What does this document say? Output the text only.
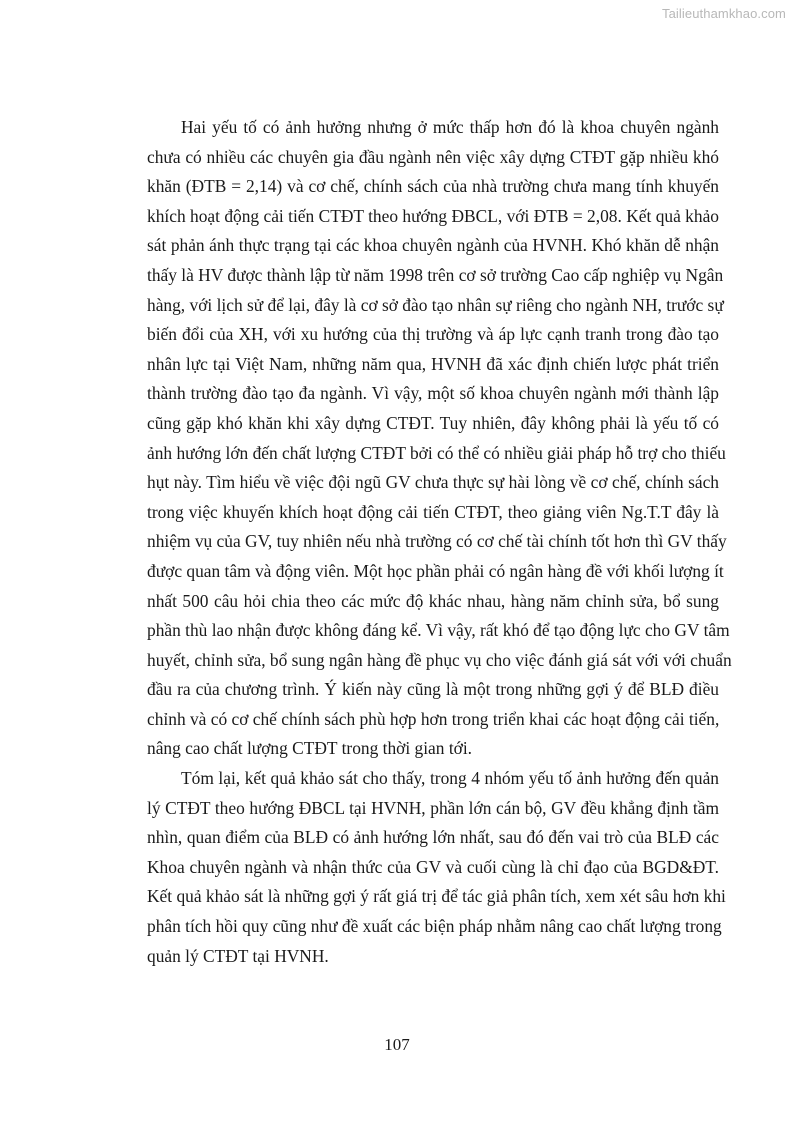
Tailieuthamkhao.com
Hai yếu tố có ảnh hưởng nhưng ở mức thấp hơn đó là khoa chuyên ngành
chưa có nhiều các chuyên gia đầu ngành nên việc xây dựng CTĐT gặp nhiều khó
khăn (ĐTB = 2,14) và cơ chế, chính sách của nhà trường chưa mang tính khuyến
khích hoạt động cải tiến CTĐT theo hướng ĐBCL, với ĐTB = 2,08. Kết quả khảo
sát phản ánh thực trạng tại các khoa chuyên ngành của HVNH. Khó khăn dễ nhận
thấy là HV được thành lập từ năm 1998 trên cơ sở trường Cao cấp nghiệp vụ Ngân
hàng, với lịch sử để lại, đây là cơ sở đào tạo nhân sự riêng cho ngành NH, trước sự
biến đổi của XH, với xu hướng của thị trường và áp lực cạnh tranh trong đào tạo
nhân lực tại Việt Nam, những năm qua, HVNH đã xác định chiến lược phát triển
thành trường đào tạo đa ngành. Vì vậy, một số khoa chuyên ngành mới thành lập
cũng gặp khó khăn khi xây dựng CTĐT. Tuy nhiên, đây không phải là yếu tố có
ảnh hướng lớn đến chất lượng CTĐT bởi có thể có nhiều giải pháp hỗ trợ cho thiếu
hụt này. Tìm hiểu về việc đội ngũ GV chưa thực sự hài lòng về cơ chế, chính sách
trong việc khuyến khích hoạt động cải tiến CTĐT, theo giảng viên Ng.T.T đây là
nhiệm vụ của GV, tuy nhiên nếu nhà trường có cơ chế tài chính tốt hơn thì GV thấy
được quan tâm và động viên. Một học phần phải có ngân hàng đề với khối lượng ít
nhất 500 câu hỏi chia theo các mức độ khác nhau, hàng năm chỉnh sửa, bổ sung
phần thù lao nhận được không đáng kể. Vì vậy, rất khó để tạo động lực cho GV tâm
huyết, chỉnh sửa, bổ sung ngân hàng đề phục vụ cho việc đánh giá sát với với chuẩn
đầu ra của chương trình. Ý kiến này cũng là một trong những gợi ý để BLĐ điều
chỉnh và có cơ chế chính sách phù hợp hơn trong triển khai các hoạt động cải tiến,
nâng cao chất lượng CTĐT trong thời gian tới.
Tóm lại, kết quả khảo sát cho thấy, trong 4 nhóm yếu tố ảnh hưởng đến quản
lý CTĐT theo hướng ĐBCL tại HVNH, phần lớn cán bộ, GV đều khẳng định tầm
nhìn, quan điểm của BLĐ có ảnh hướng lớn nhất, sau đó đến vai trò của BLĐ các
Khoa chuyên ngành và nhận thức của GV và cuối cùng là chỉ đạo của BGD&ĐT.
Kết quả khảo sát là những gợi ý rất giá trị để tác giả phân tích, xem xét sâu hơn khi
phân tích hồi quy cũng như đề xuất các biện pháp nhằm nâng cao chất lượng trong
quản lý CTĐT tại HVNH.
107
